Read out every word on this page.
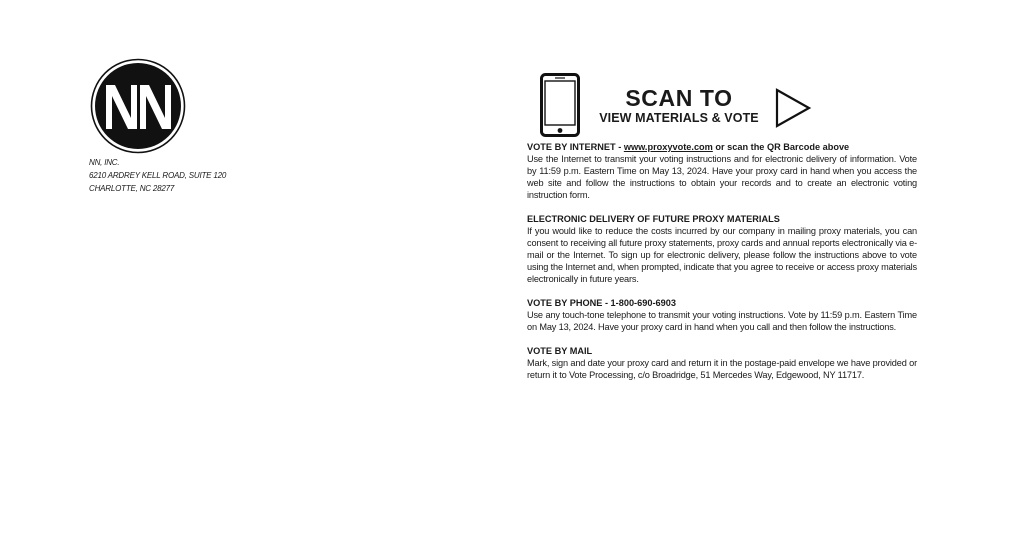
NN, INC.
6210 ARDREY KELL ROAD, SUITE 120
CHARLOTTE, NC 28277
SCAN TO
VIEW MATERIALS & VOTE
VOTE BY INTERNET - www.proxyvote.com or scan the QR Barcode above
Use the Internet to transmit your voting instructions and for electronic delivery of information. Vote by 11:59 p.m. Eastern Time on May 13, 2024. Have your proxy card in hand when you access the web site and follow the instructions to obtain your records and to create an electronic voting instruction form.
ELECTRONIC DELIVERY OF FUTURE PROXY MATERIALS
If you would like to reduce the costs incurred by our company in mailing proxy materials, you can consent to receiving all future proxy statements, proxy cards and annual reports electronically via e-mail or the Internet. To sign up for electronic delivery, please follow the instructions above to vote using the Internet and, when prompted, indicate that you agree to receive or access proxy materials electronically in future years.
VOTE BY PHONE - 1-800-690-6903
Use any touch-tone telephone to transmit your voting instructions. Vote by 11:59 p.m. Eastern Time on May 13, 2024. Have your proxy card in hand when you call and then follow the instructions.
VOTE BY MAIL
Mark, sign and date your proxy card and return it in the postage-paid envelope we have provided or return it to Vote Processing, c/o Broadridge, 51 Mercedes Way, Edgewood, NY 11717.
